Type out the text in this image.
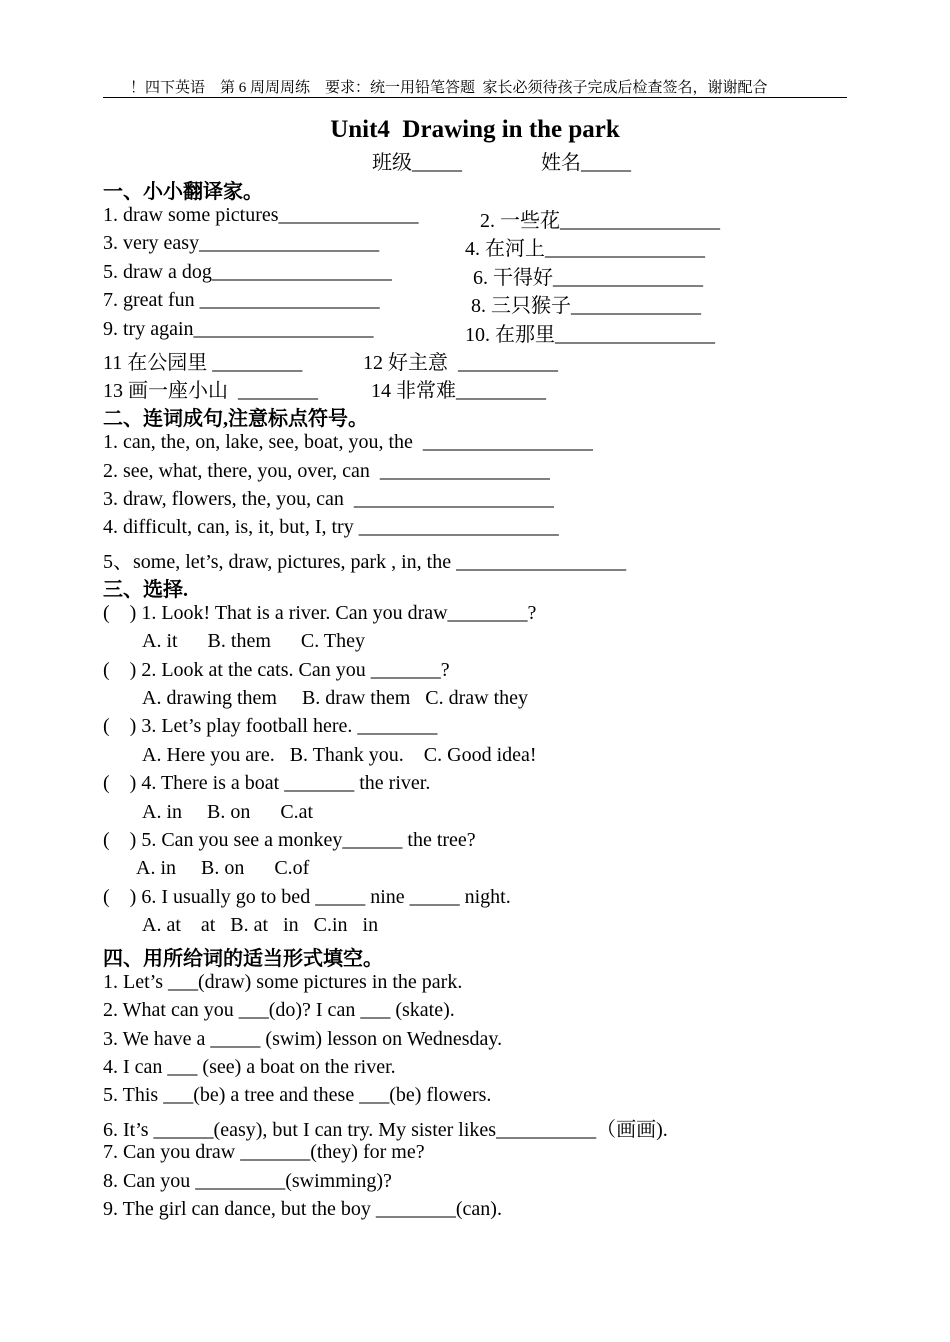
！四下英语    第 6 周周周练    要求：统一用铅笔答题  家长必须待孩子完成后检查签名，谢谢配合
Unit4  Drawing in the park
班级_____	姓名_____
一、小小翻译家。
1. draw some pictures______________	2. 一些花________________
3. very easy__________________	4. 在河上________________
5. draw a dog__________________	6. 干得好_______________
7. great fun __________________	8. 三只猴子_____________
9. try again__________________	10. 在那里________________
11 在公园里 _________	12 好主意  __________
13 画一座小山  ________	14 非常难_________
二、连词成句,注意标点符号。
1. can, the, on, lake, see, boat, you, the  _________________
2. see, what, there, you, over, can  _________________
3. draw, flowers, the, you, can  ____________________
4. difficult, can, is, it, but, I, try ____________________
5、some, let’s, draw, pictures, park , in, the _________________
三、选择.
(    ) 1. Look! That is a river. Can you draw________?
A. it      B. them      C. They
(    ) 2. Look at the cats. Can you _______?
A. drawing them     B. draw them   C. draw they
(    ) 3. Let’s play football here. ________
A. Here you are.   B. Thank you.    C. Good idea!
(    ) 4. There is a boat _______ the river.
A. in     B. on      C.at
(    ) 5. Can you see a monkey______ the tree?
A. in     B. on      C.of
(    ) 6. I usually go to bed _____ nine _____ night.
A. at    at   B. at   in   C.in   in
四、用所给词的适当形式填空。
1. Let’s ___(draw) some pictures in the park.
2. What can you ___(do)? I can ___ (skate).
3. We have a _____ (swim) lesson on Wednesday.
4. I can ___ (see) a boat on the river.
5. This ___(be) a tree and these ___(be) flowers.
6. It’s ______(easy), but I can try. My sister likes__________（画画).
7. Can you draw _______(they) for me?
8. Can you _________(swimming)?
9. The girl can dance, but the boy ________(can).
